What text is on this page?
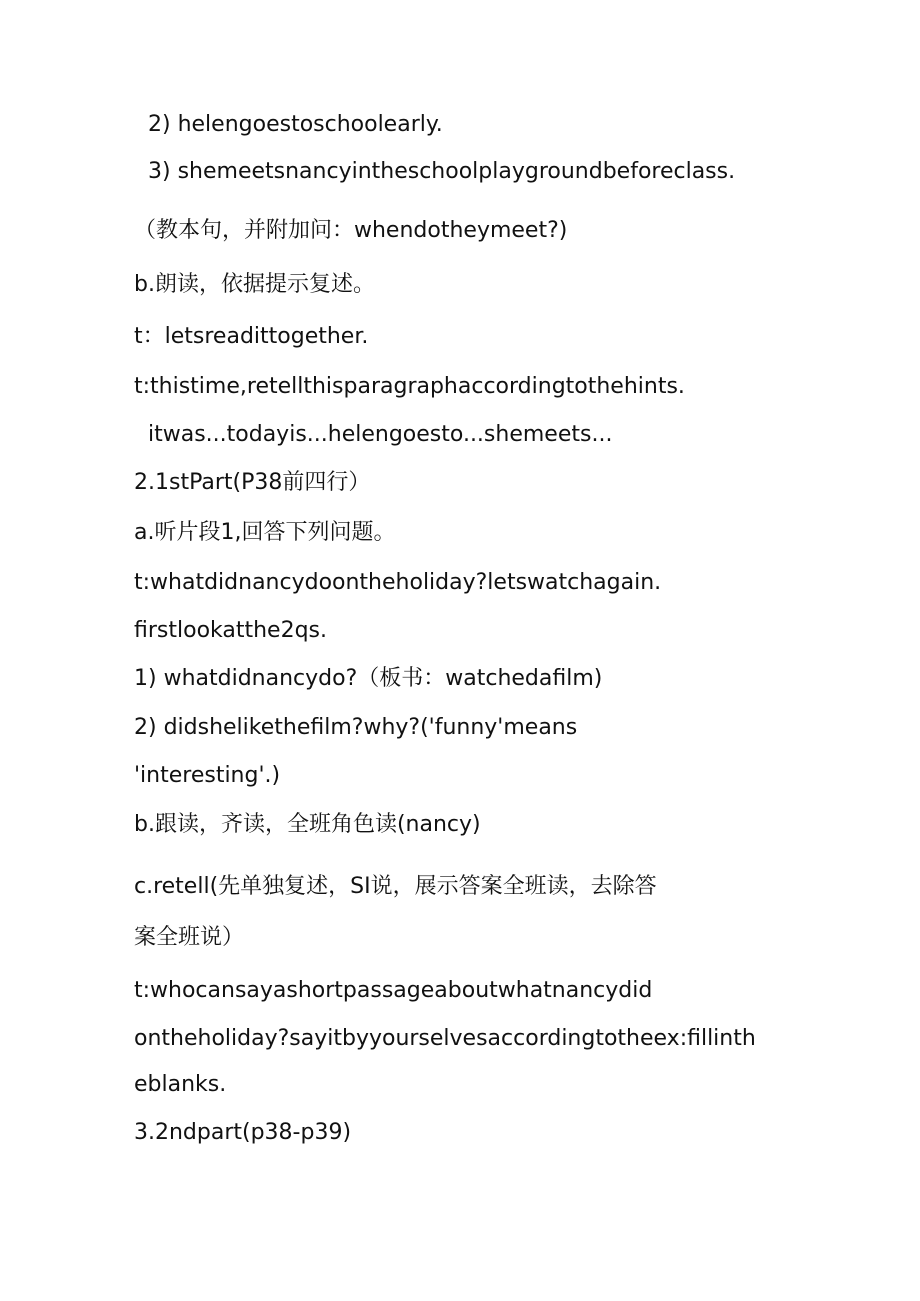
2) helengoestoschoolearly.
3) shemeetsnancyintheschoolplaygroundbeforeclass.
（教本句，并附加问：whendotheymeet?)
b.朗读，依据提示复述。
t：letsreadittogether.
t:thistime,retellthisparagraphaccordingtothehints.
itwas...todayis...helengoesto...shemeets...
2.1stPart(P38前四行）
a.听片段1,回答下列问题。
t:whatdidnancydoontheholiday?letswatchagain.
firstlookatthe2qs.
1) whatdidnancydo?（板书：watchedafilm)
2) didshelikethefilm?why?('funny'means
'interesting'.)
b.跟读，齐读，全班角色读(nancy)
c.retell(先单独复述，SI说，展示答案全班读，去除答
案全班说）
t:whocansayashortpassageaboutwhatnancydid
ontheholiday?sayitbyyourselvesaccordingtotheex:fillinth
eblanks.
3.2ndpart(p38-p39)
